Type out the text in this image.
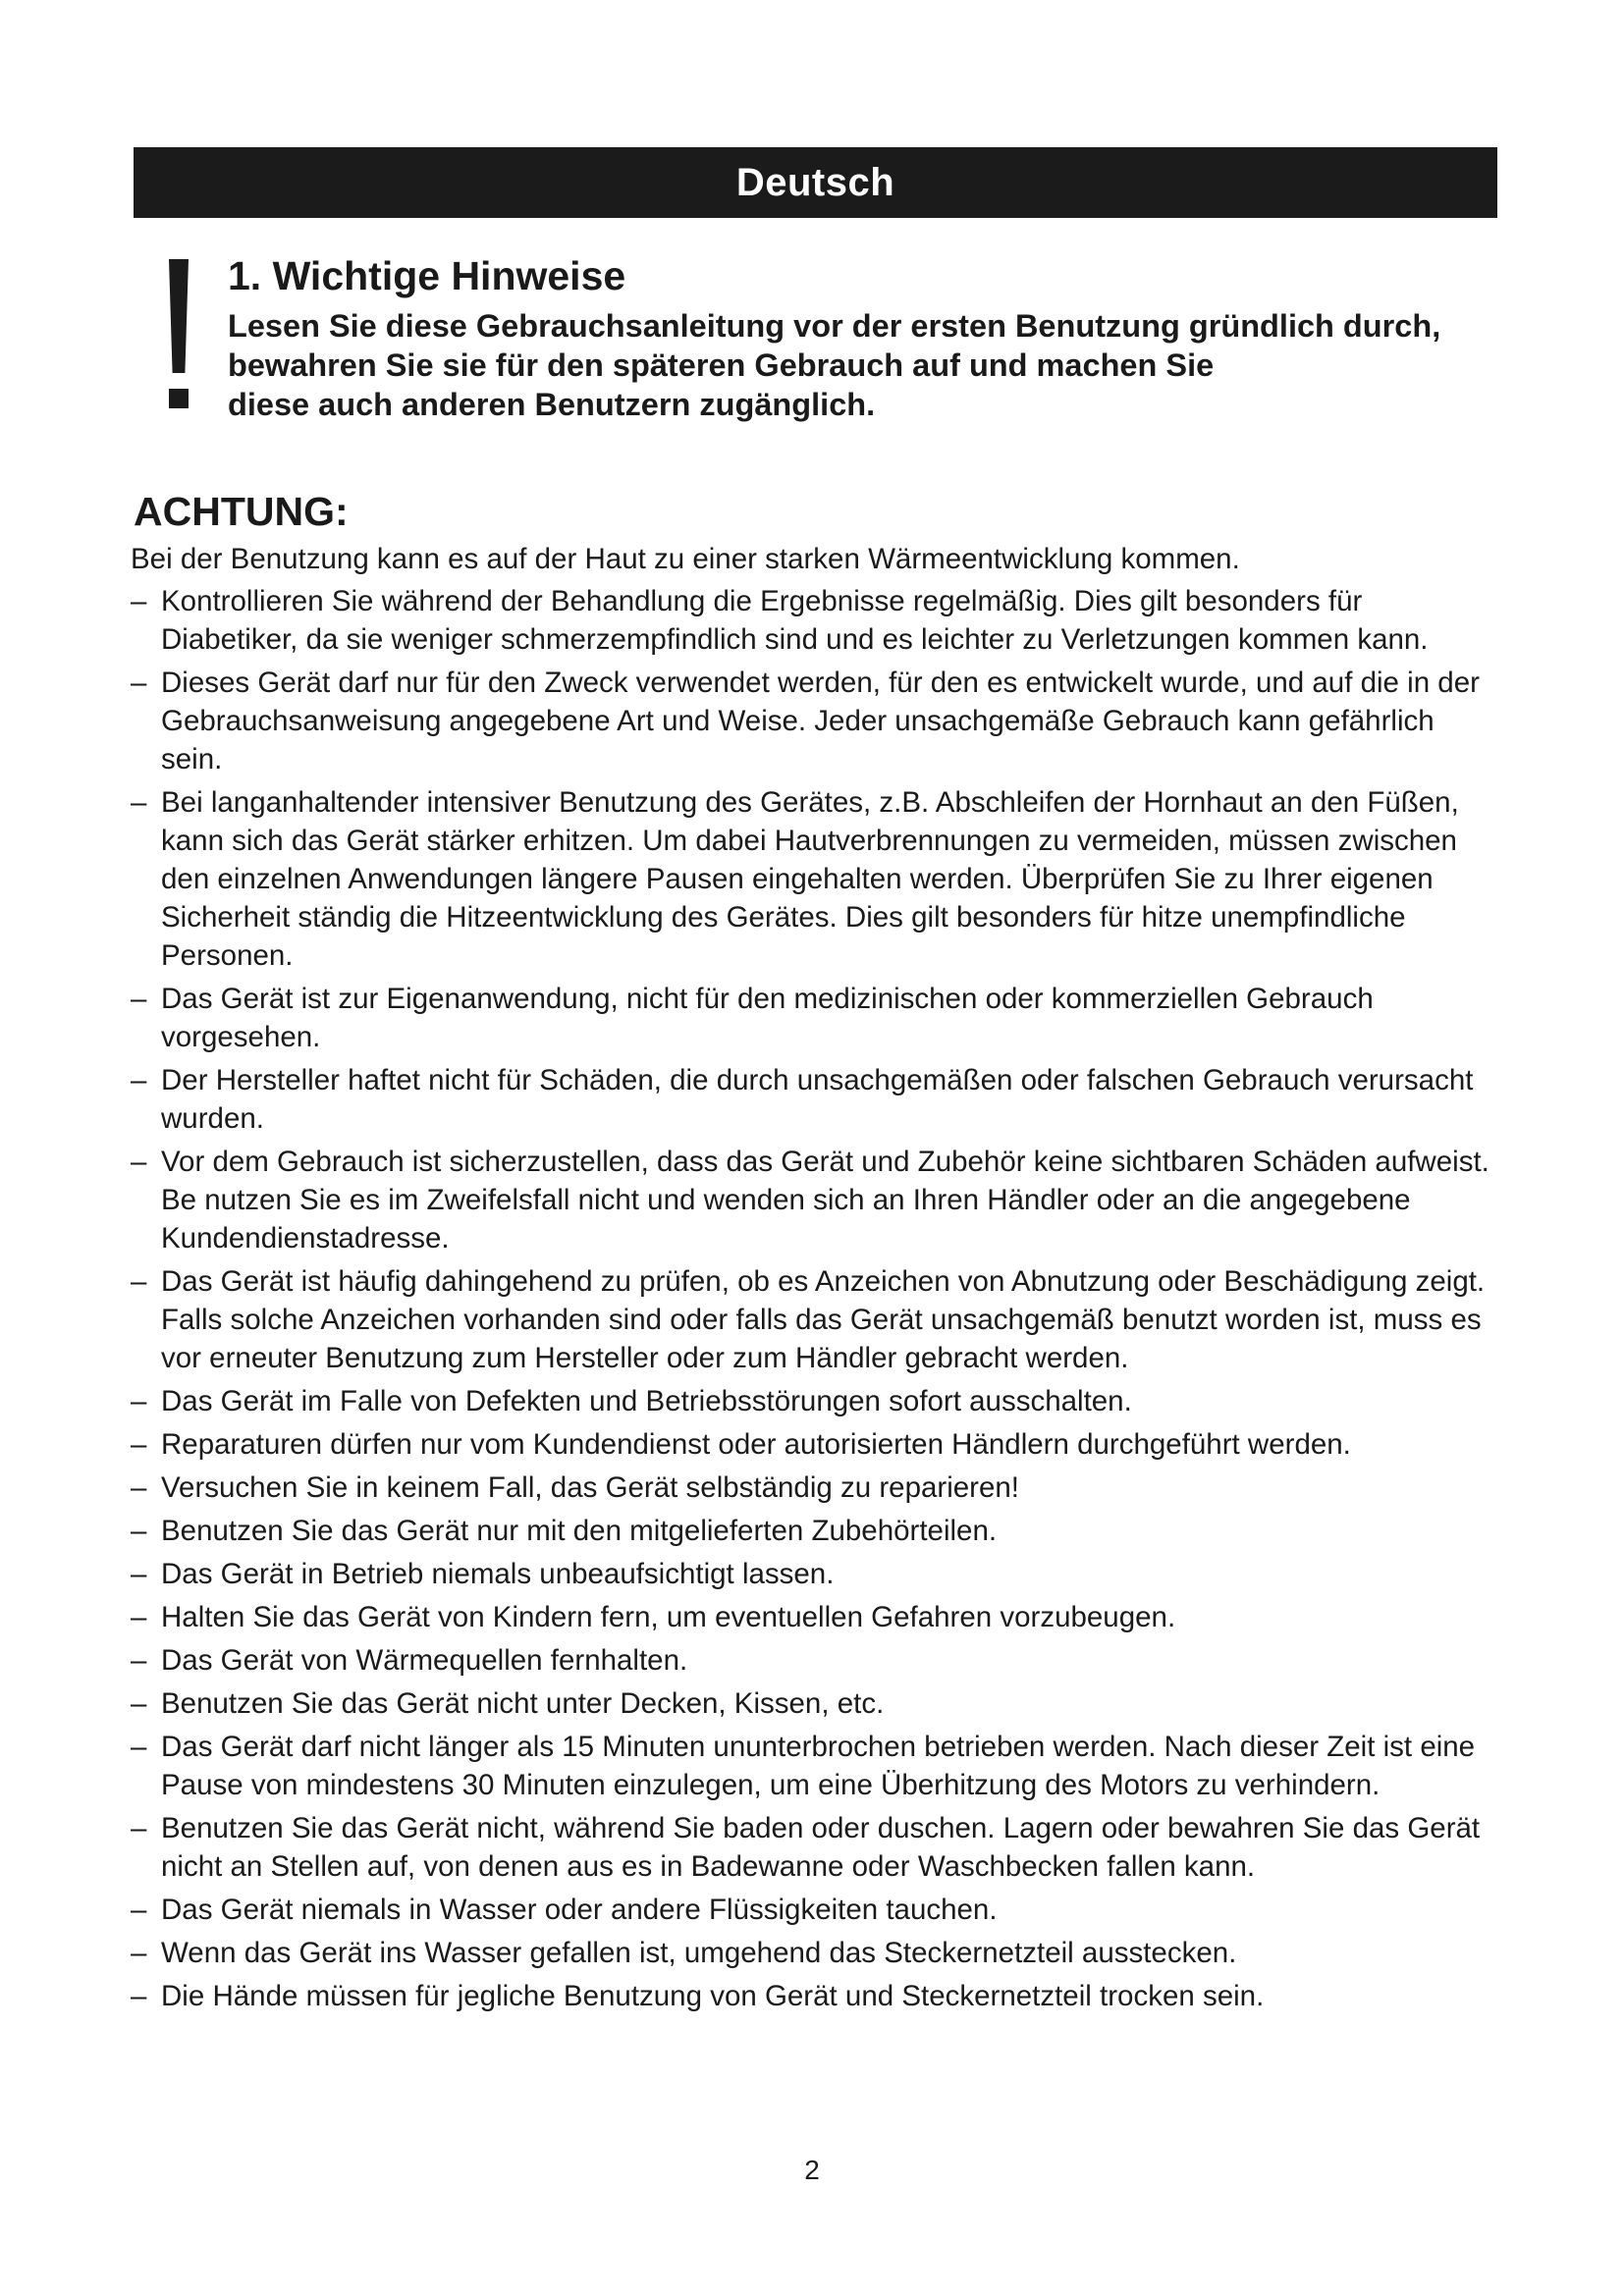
Deutsch
1. Wichtige Hinweise
Lesen Sie diese Gebrauchsanleitung vor der ersten Benutzung gründlich durch,
bewahren Sie sie für den späteren Gebrauch auf und machen Sie
diese auch anderen Benutzern zugänglich.
ACHTUNG:

Bei der Benutzung kann es auf der Haut zu einer starken Wärmeentwicklung kommen.

– Kontrollieren Sie während der Behandlung die Ergebnisse regelmäßig. Dies gilt besonders für Diabetiker, da sie weniger schmerzempfindlich sind und es leichter zu Verletzungen kommen kann.
– Dieses Gerät darf nur für den Zweck verwendet werden, für den es entwickelt wurde, und auf die in der Gebrauchsanweisung angegebene Art und Weise. Jeder unsachgemäße Gebrauch kann gefährlich sein.
– Bei langanhaltender intensiver Benutzung des Gerätes, z.B. Abschleifen der Hornhaut an den Füßen, kann sich das Gerät stärker erhitzen. Um dabei Hautverbrennungen zu vermeiden, müssen zwischen den einzelnen Anwendungen längere Pausen eingehalten werden. Überprüfen Sie zu Ihrer eigenen Sicherheit ständig die Hitzeentwicklung des Gerätes. Dies gilt besonders für hitze unempfindliche Personen.
– Das Gerät ist zur Eigenanwendung, nicht für den medizinischen oder kommerziellen Gebrauch vorgesehen.
– Der Hersteller haftet nicht für Schäden, die durch unsachgemäßen oder falschen Gebrauch verursacht wurden.
– Vor dem Gebrauch ist sicherzustellen, dass das Gerät und Zubehör keine sichtbaren Schäden aufweist. Be nutzen Sie es im Zweifelsfall nicht und wenden sich an Ihren Händler oder an die angegebene Kundendienstadresse.
– Das Gerät ist häufig dahingehend zu prüfen, ob es Anzeichen von Abnutzung oder Beschädigung zeigt. Falls solche Anzeichen vorhanden sind oder falls das Gerät unsachgemäß benutzt worden ist, muss es vor erneuter Benutzung zum Hersteller oder zum Händler gebracht werden.
– Das Gerät im Falle von Defekten und Betriebsstörungen sofort ausschalten.
– Reparaturen dürfen nur vom Kundendienst oder autorisierten Händlern durchgeführt werden.
– Versuchen Sie in keinem Fall, das Gerät selbständig zu reparieren!
– Benutzen Sie das Gerät nur mit den mitgelieferten Zubehörteilen.
– Das Gerät in Betrieb niemals unbeaufsichtigt lassen.
– Halten Sie das Gerät von Kindern fern, um eventuellen Gefahren vorzubeugen.
– Das Gerät von Wärmequellen fernhalten.
– Benutzen Sie das Gerät nicht unter Decken, Kissen, etc.
– Das Gerät darf nicht länger als 15 Minuten ununterbrochen betrieben werden. Nach dieser Zeit ist eine Pause von mindestens 30 Minuten einzulegen, um eine Überhitzung des Motors zu verhindern.
– Benutzen Sie das Gerät nicht, während Sie baden oder duschen. Lagern oder bewahren Sie das Gerät nicht an Stellen auf, von denen aus es in Badewanne oder Waschbecken fallen kann.
– Das Gerät niemals in Wasser oder andere Flüssigkeiten tauchen.
– Wenn das Gerät ins Wasser gefallen ist, umgehend das Steckernetzteil ausstecken.
– Die Hände müssen für jegliche Benutzung von Gerät und Steckernetzteil trocken sein.
2
